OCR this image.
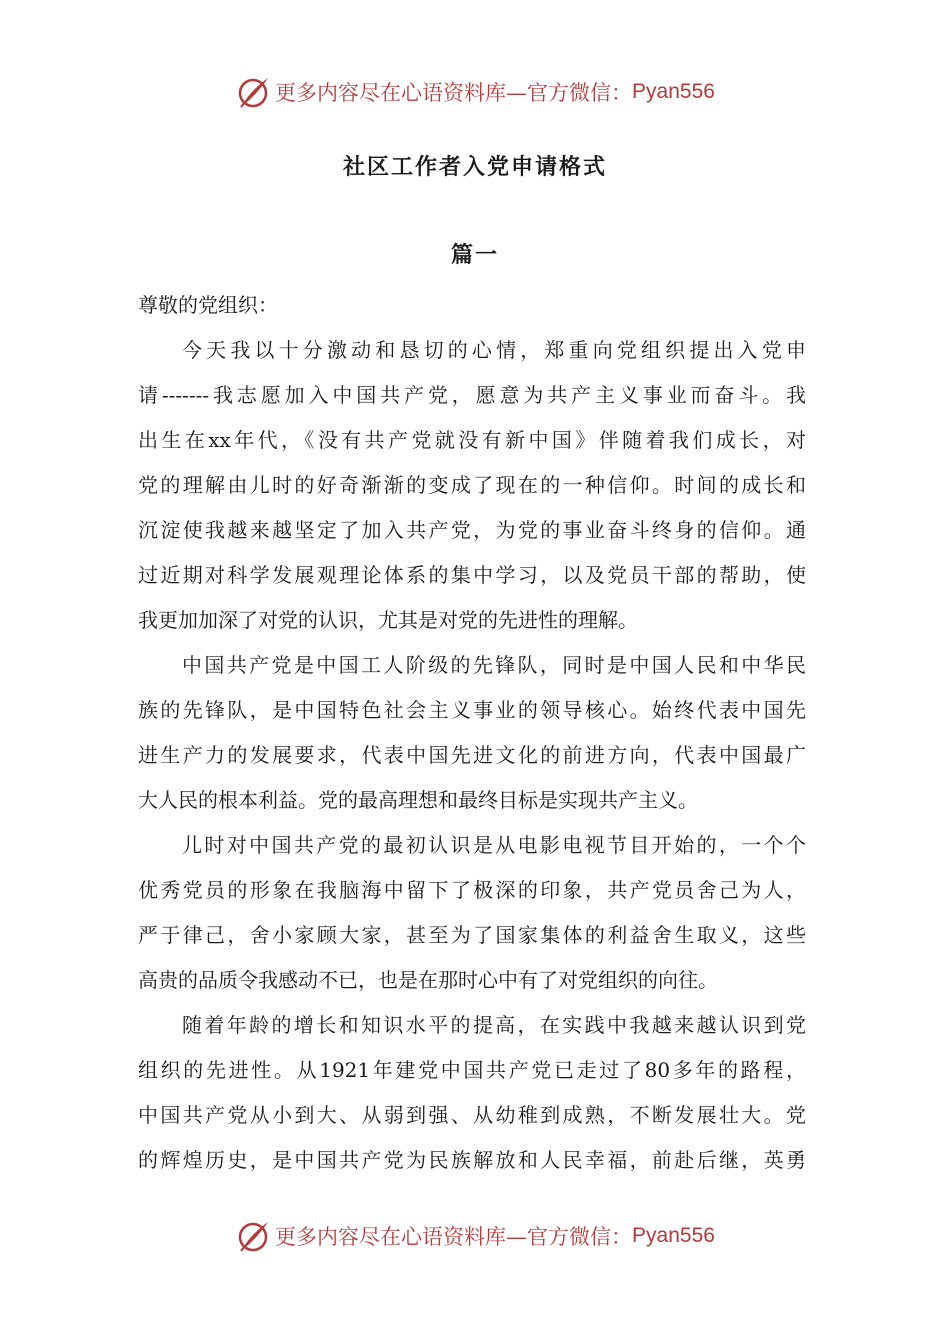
更多内容尽在心语资料库—官方微信： Pyan556
社区工作者入党申请格式
篇一
尊敬的党组织：
今天我以十分激动和恳切的心情，郑重向党组织提出入党申
请-------我志愿加入中国共产党，愿意为共产主义事业而奋斗。我
出生在xx年代，《没有共产党就没有新中国》伴随着我们成长，对
党的理解由儿时的好奇渐渐的变成了现在的一种信仰。时间的成长和
沉淀使我越来越坚定了加入共产党，为党的事业奋斗终身的信仰。通
过近期对科学发展观理论体系的集中学习，以及党员干部的帮助，使
我更加加深了对党的认识，尤其是对党的先进性的理解。
中国共产党是中国工人阶级的先锋队，同时是中国人民和中华民
族的先锋队，是中国特色社会主义事业的领导核心。始终代表中国先
进生产力的发展要求，代表中国先进文化的前进方向，代表中国最广
大人民的根本利益。党的最高理想和最终目标是实现共产主义。
儿时对中国共产党的最初认识是从电影电视节目开始的，一个个
优秀党员的形象在我脑海中留下了极深的印象，共产党员舍己为人，
严于律己，舍小家顾大家，甚至为了国家集体的利益舍生取义，这些
高贵的品质令我感动不已，也是在那时心中有了对党组织的向往。
随着年龄的增长和知识水平的提高，在实践中我越来越认识到党
组织的先进性。从1921年建党中国共产党已走过了80多年的路程，
中国共产党从小到大、从弱到强、从幼稚到成熟，不断发展壮大。党
的辉煌历史，是中国共产党为民族解放和人民幸福，前赴后继，英勇
更多内容尽在心语资料库—官方微信： Pyan556
